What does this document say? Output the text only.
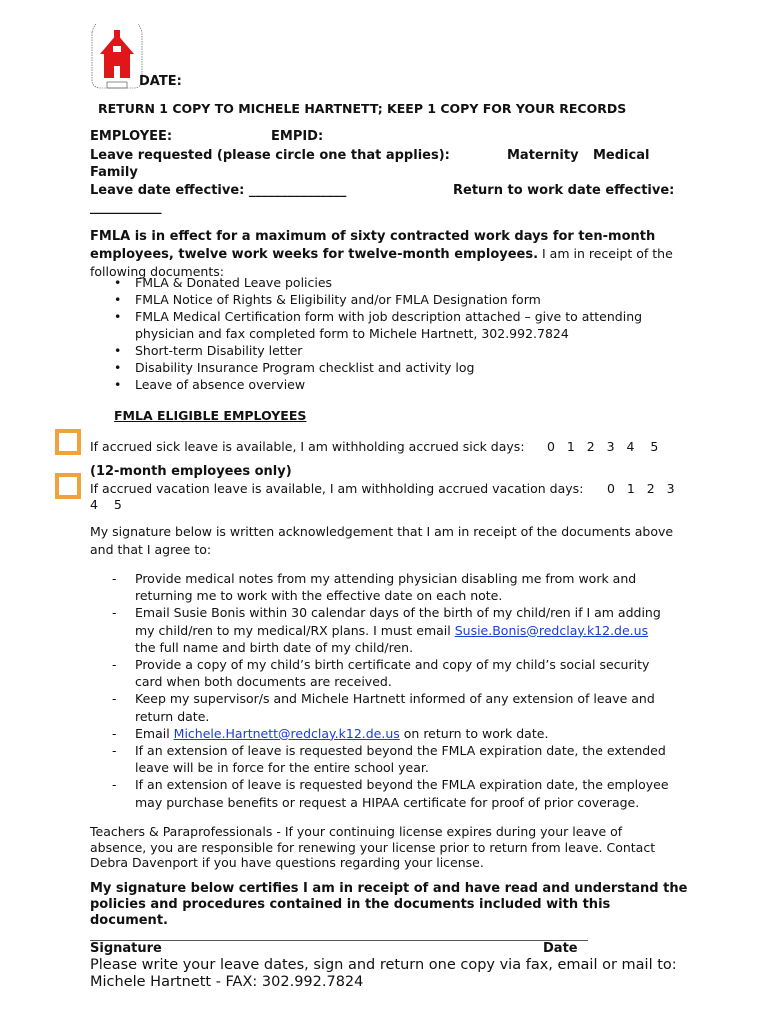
DATE:
RETURN 1 COPY TO MICHELE HARTNETT; KEEP 1 COPY FOR YOUR RECORDS
EMPLOYEE:	EMPID:
Leave requested (please circle one that applies):	Maternity Medical
Family
Leave date effective: _______________	Return to work date effective:
___________
FMLA is in effect for a maximum of sixty contracted work days for ten-month employees, twelve work weeks for twelve-month employees. I am in receipt of the following documents:
• FMLA & Donated Leave policies
• FMLA Notice of Rights & Eligibility and/or FMLA Designation form
• FMLA Medical Certification form with job description attached – give to attending physician and fax completed form to Michele Hartnett, 302.992.7824
• Short-term Disability letter
• Disability Insurance Program checklist and activity log
• Leave of absence overview
FMLA ELIGIBLE EMPLOYEES
If accrued sick leave is available, I am withholding accrued sick days: 0   1   2   3   4    5
(12-month employees only)
If accrued vacation leave is available, I am withholding accrued vacation days: 0   1   2   3
4    5
My signature below is written acknowledgement that I am in receipt of the documents above and that I agree to:
- Provide medical notes from my attending physician disabling me from work and returning me to work with the effective date on each note.
- Email Susie Bonis within 30 calendar days of the birth of my child/ren if I am adding my child/ren to my medical/RX plans. I must email Susie.Bonis@redclay.k12.de.us
the full name and birth date of my child/ren.
- Provide a copy of my child’s birth certificate and copy of my child’s social security card when both documents are received.
- Keep my supervisor/s and Michele Hartnett informed of any extension of leave and return date.
- Email Michele.Hartnett@redclay.k12.de.us on return to work date.
- If an extension of leave is requested beyond the FMLA expiration date, the extended leave will be in force for the entire school year.
- If an extension of leave is requested beyond the FMLA expiration date, the employee may purchase benefits or request a HIPAA certificate for proof of prior coverage.
Teachers & Paraprofessionals - If your continuing license expires during your leave of absence, you are responsible for renewing your license prior to return from leave. Contact Debra Davenport if you have questions regarding your license.
My signature below certifies I am in receipt of and have read and understand the policies and procedures contained in the documents included with this document.
Signature	Date
Please write your leave dates, sign and return one copy via fax, email or mail to:
Michele Hartnett - FAX: 302.992.7824
